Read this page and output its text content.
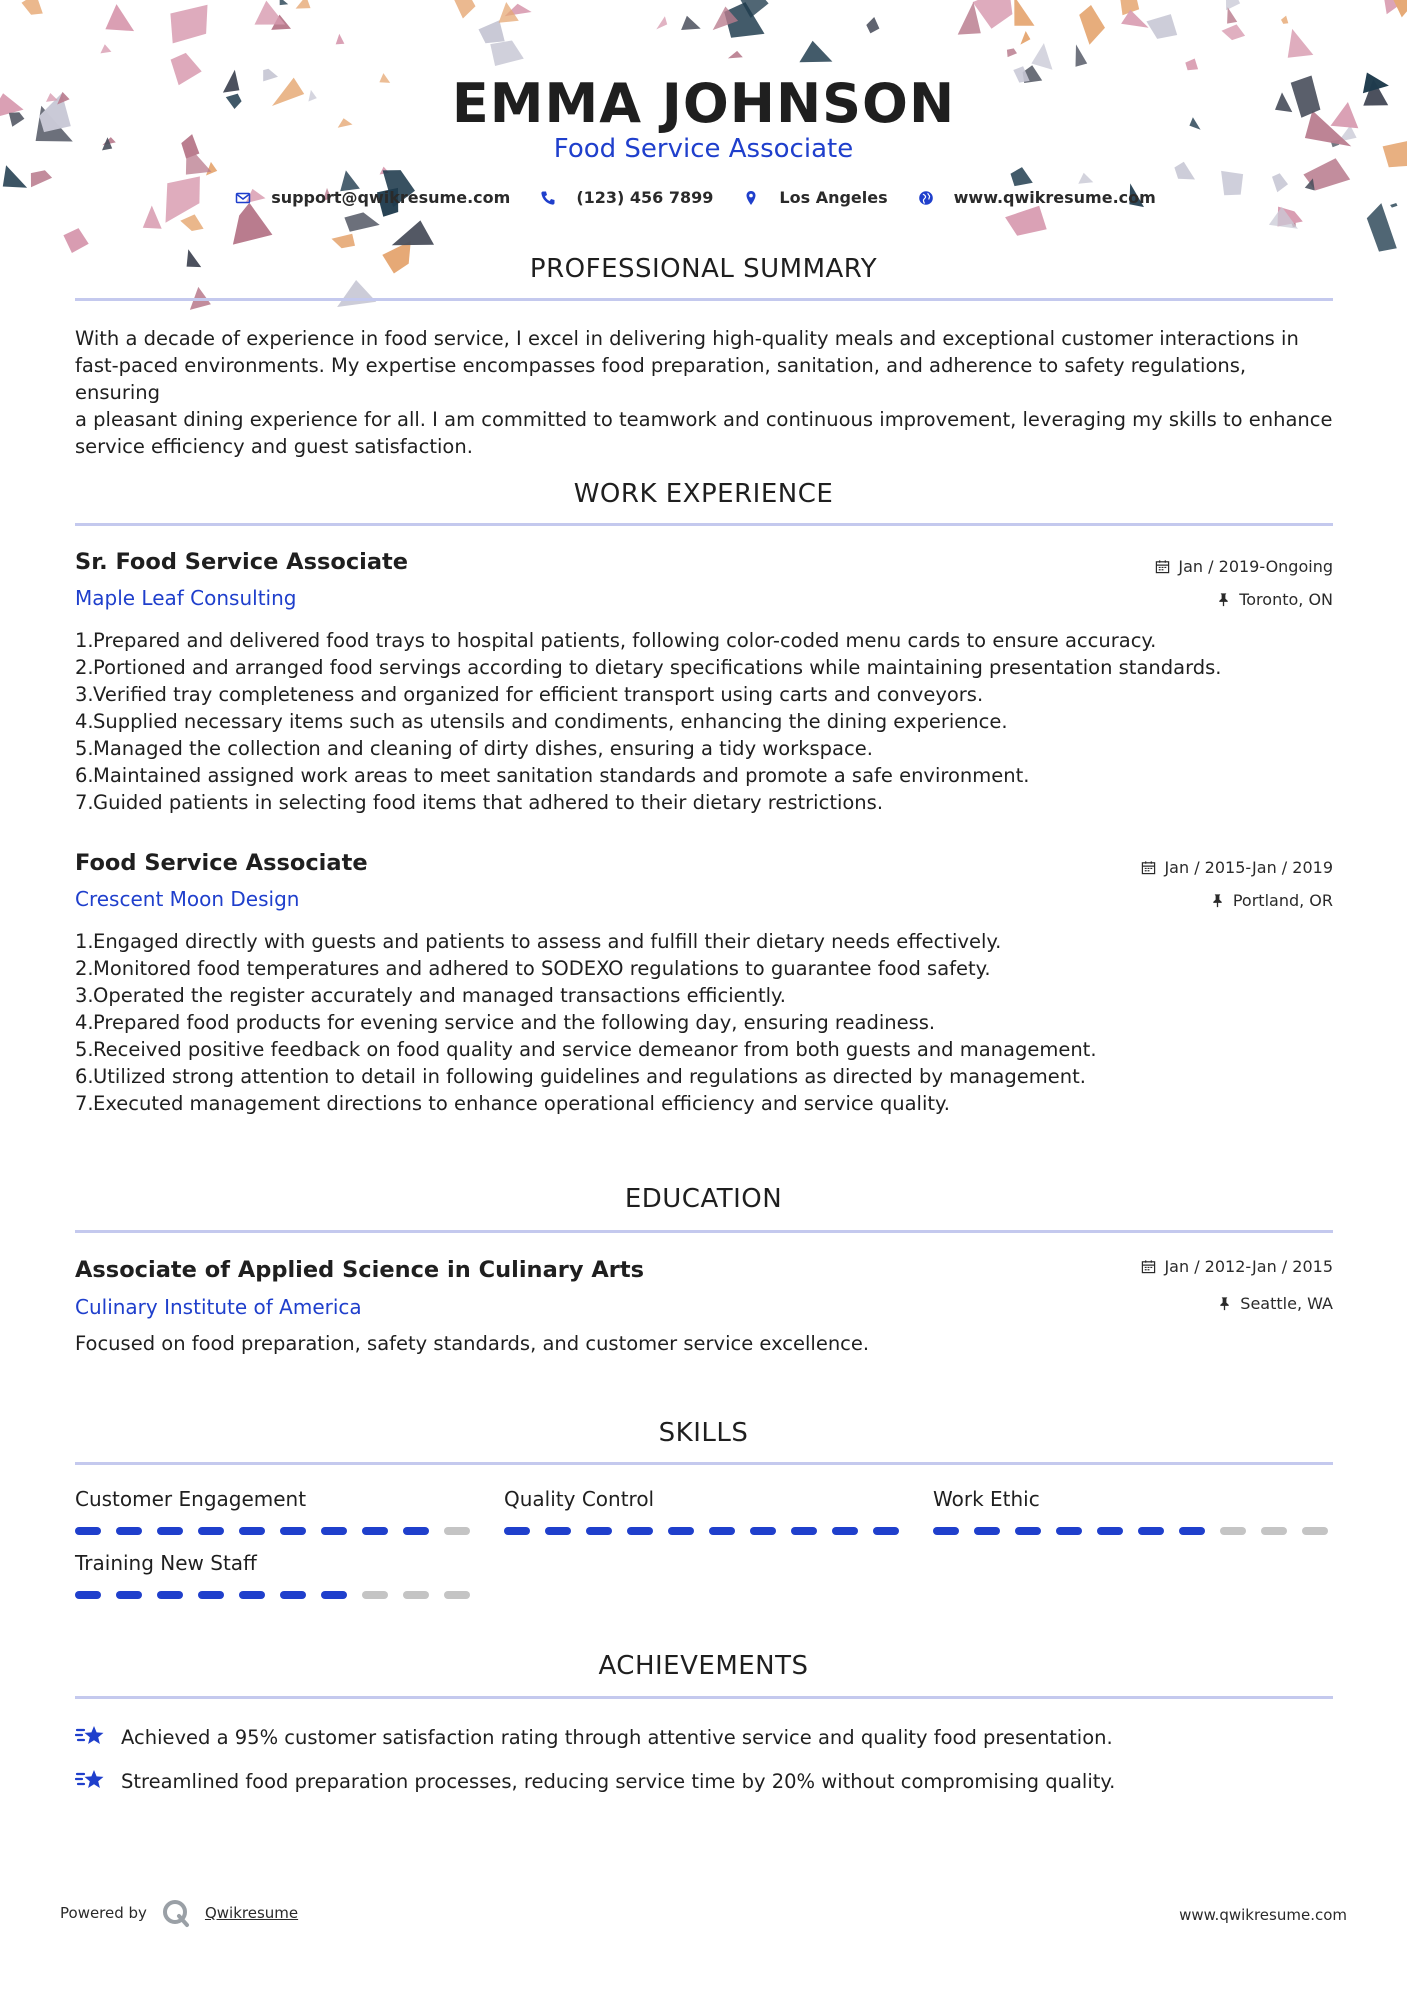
EMMA JOHNSON
Food Service Associate
support@qwikresume.com	(123) 456 7899	Los Angeles	www.qwikresume.com
PROFESSIONAL SUMMARY
With a decade of experience in food service, I excel in delivering high-quality meals and exceptional customer interactions in
fast-paced environments. My expertise encompasses food preparation, sanitation, and adherence to safety regulations, ensuring
a pleasant dining experience for all. I am committed to teamwork and continuous improvement, leveraging my skills to enhance
service efficiency and guest satisfaction.
WORK EXPERIENCE
Sr. Food Service Associate
Maple Leaf Consulting
Jan / 2019-Ongoing
Toronto, ON
1. Prepared and delivered food trays to hospital patients, following color-coded menu cards to ensure accuracy.
2. Portioned and arranged food servings according to dietary specifications while maintaining presentation standards.
3. Verified tray completeness and organized for efficient transport using carts and conveyors.
4. Supplied necessary items such as utensils and condiments, enhancing the dining experience.
5. Managed the collection and cleaning of dirty dishes, ensuring a tidy workspace.
6. Maintained assigned work areas to meet sanitation standards and promote a safe environment.
7. Guided patients in selecting food items that adhered to their dietary restrictions.
Food Service Associate
Crescent Moon Design
Jan / 2015-Jan / 2019
Portland, OR
1. Engaged directly with guests and patients to assess and fulfill their dietary needs effectively.
2. Monitored food temperatures and adhered to SODEXO regulations to guarantee food safety.
3. Operated the register accurately and managed transactions efficiently.
4. Prepared food products for evening service and the following day, ensuring readiness.
5. Received positive feedback on food quality and service demeanor from both guests and management.
6. Utilized strong attention to detail in following guidelines and regulations as directed by management.
7. Executed management directions to enhance operational efficiency and service quality.
EDUCATION
Associate of Applied Science in Culinary Arts
Culinary Institute of America
Jan / 2012-Jan / 2015
Seattle, WA
Focused on food preparation, safety standards, and customer service excellence.
SKILLS
Customer Engagement	Quality Control	Work Ethic
Training New Staff
ACHIEVEMENTS
Achieved a 95% customer satisfaction rating through attentive service and quality food presentation.
Streamlined food preparation processes, reducing service time by 20% without compromising quality.
Powered by	Qwikresume	www.qwikresume.com
